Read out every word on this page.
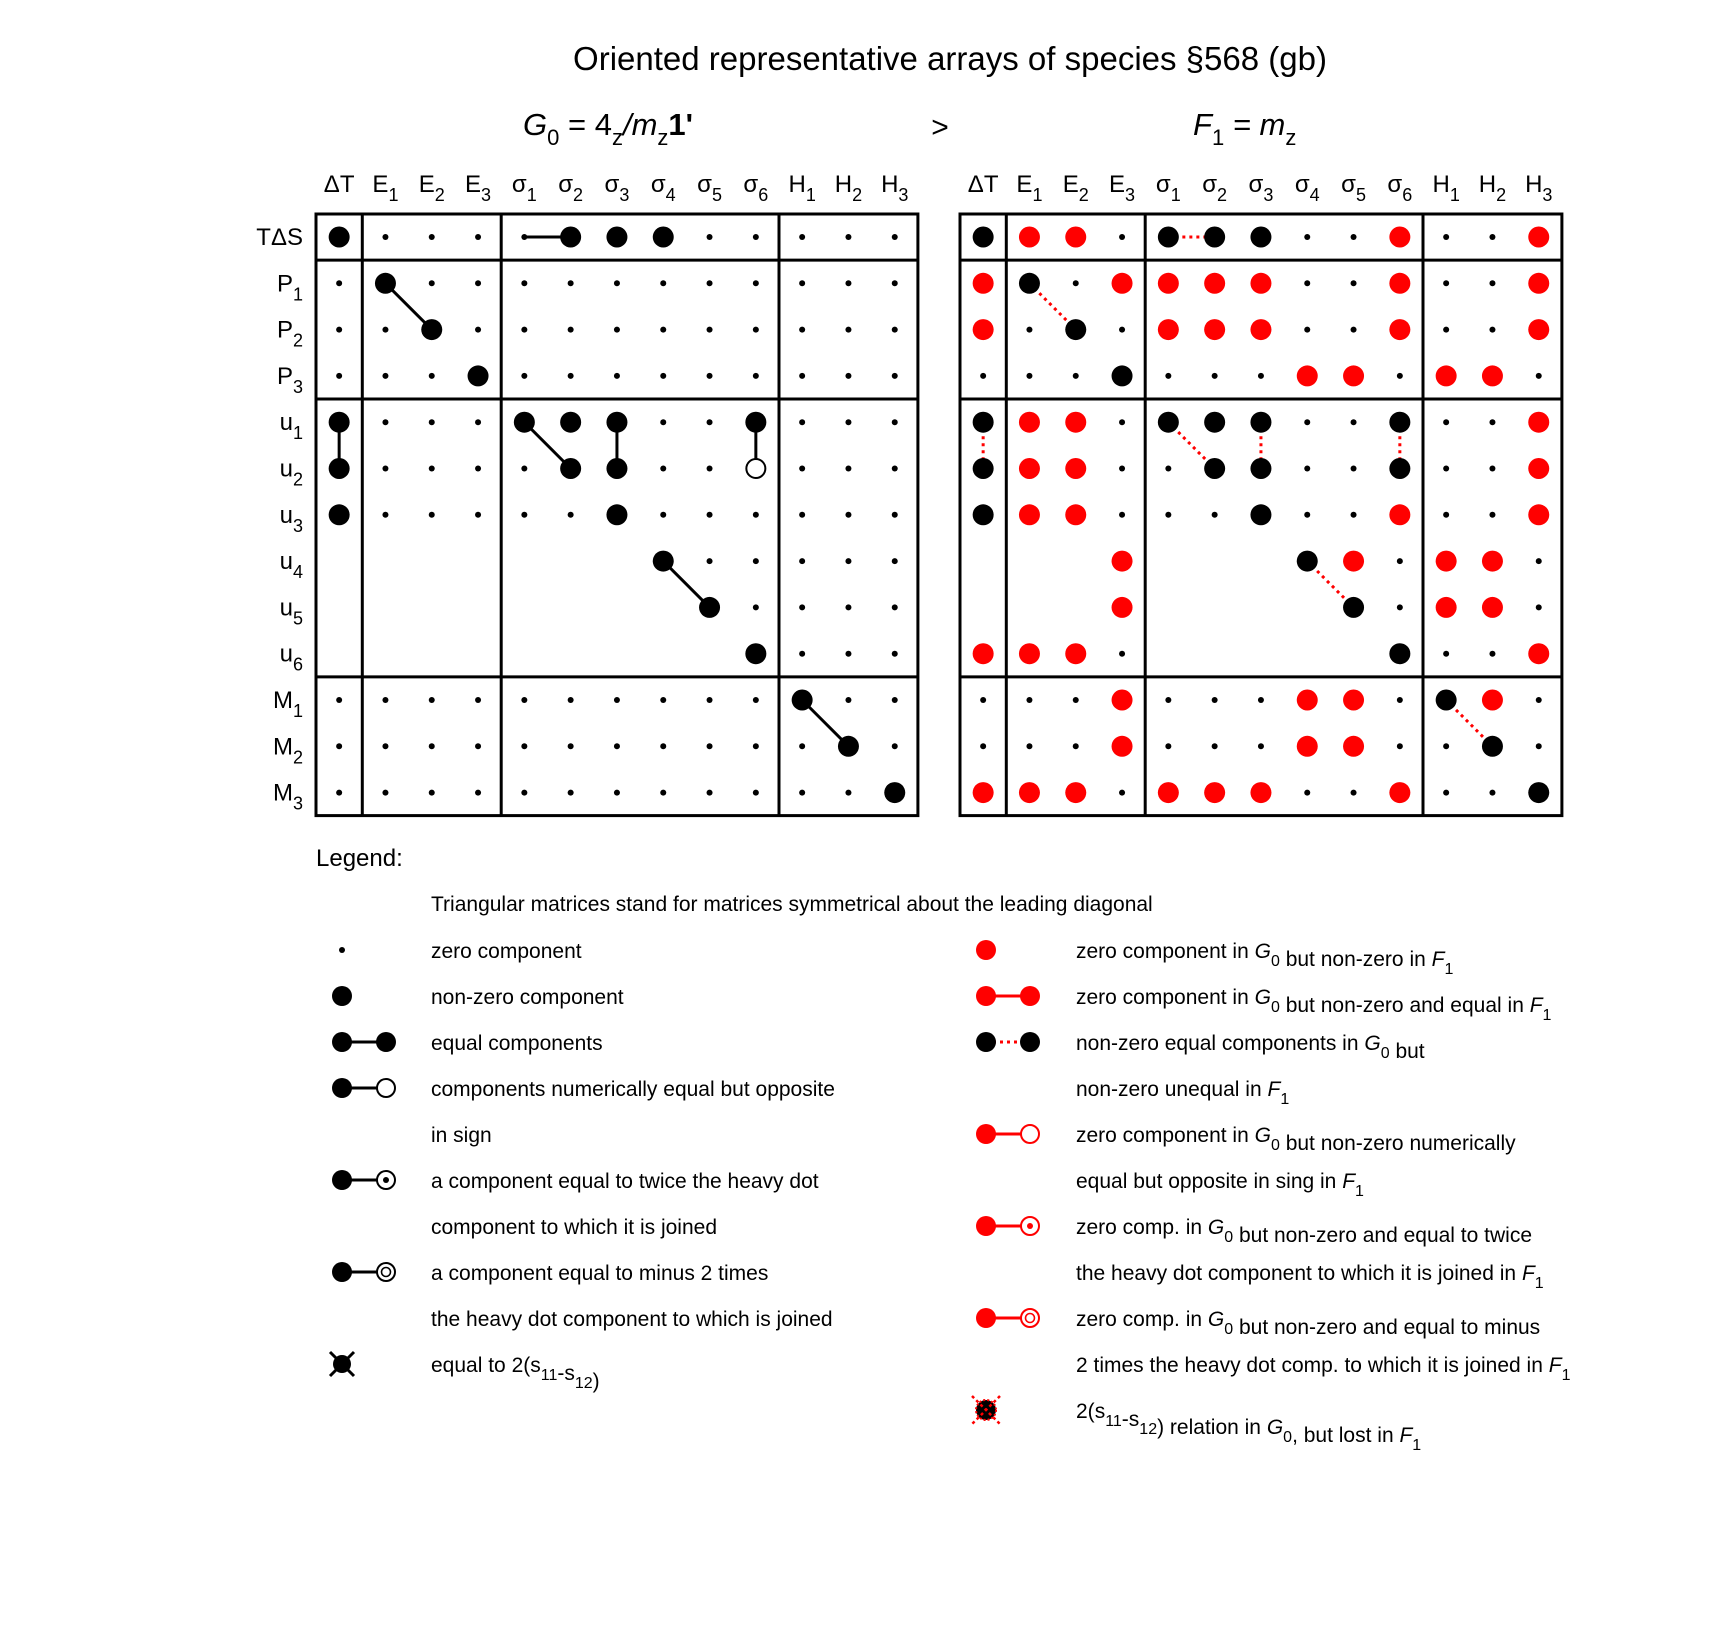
Oriented representative arrays of species §568 (gb)
$G_0 = 4_z/m_z1'$	>	$F_1 = m_z$
ΔT $E_1$ $E_2$ $E_3$ $\sigma_1$ $\sigma_2$ $\sigma_3$ $\sigma_4$ $\sigma_5$ $\sigma_6$ $H_1$ $H_2$ $H_3$ ΔT $E_1$ $E_2$ $E_3$ $\sigma_1$ $\sigma_2$ $\sigma_3$ $\sigma_4$ $\sigma_5$ $\sigma_6$ $H_1$ $H_2$ $H_3$
TΔS
$P_1$
$P_2$
$P_3$
$u_1$
$u_2$
$u_3$
$u_4$
$u_5$
$u_6$
$M_1$
$M_2$
$M_3$
Legend:
Triangular matrices stand for matrices symmetrical about the leading diagonal
zero component
non-zero component
equal components
components numerically equal but opposite
in sign
a component equal to twice the heavy dot
component to which it is joined
a component equal to minus 2 times
the heavy dot component to which is joined
equal to $2(s_{11}-s_{12})$
zero component in $G_0$ but non-zero in $F_1$
zero component in $G_0$ but non-zero and equal in $F_1$
non-zero equal components in $G_0$ but
non-zero unequal in $F_1$
zero component in $G_0$ but non-zero numerically
equal but opposite in sing in $F_1$
zero comp. in $G_0$ but non-zero and equal to twice
the heavy dot component to which it is joined in $F_1$
zero comp. in $G_0$ but non-zero and equal to minus
2 times the heavy dot comp. to which it is joined in $F_1$
$2(s_{11}-s_{12})$ relation in $G_0$, but lost in $F_1$
